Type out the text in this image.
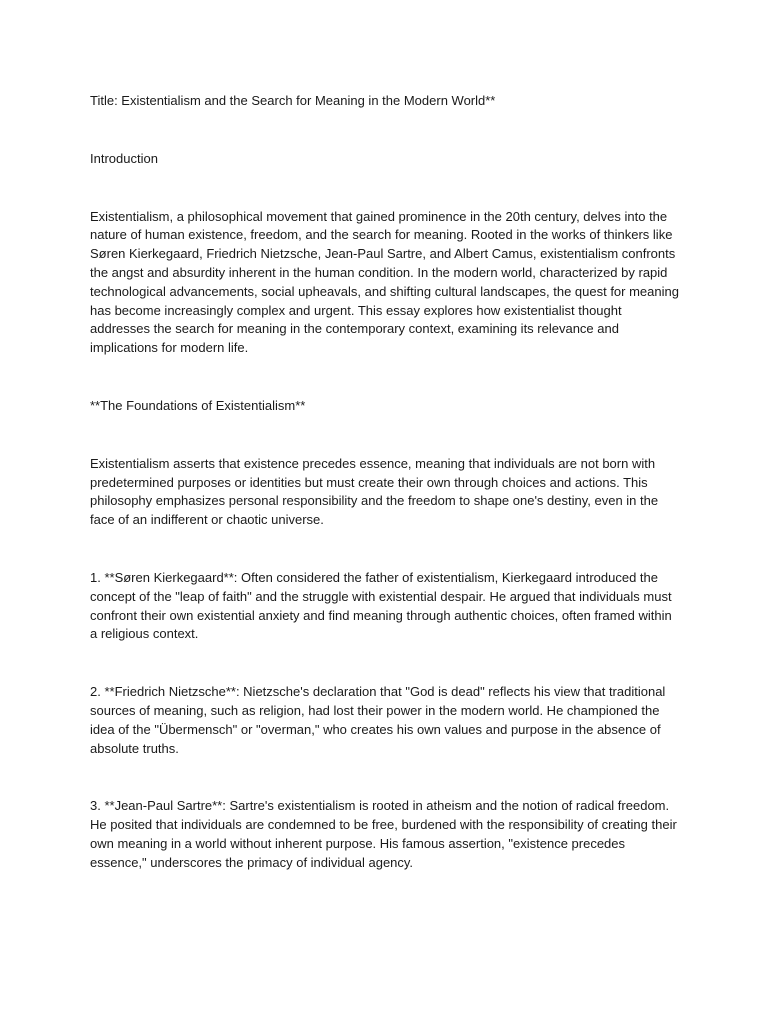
Title: Existentialism and the Search for Meaning in the Modern World**

Introduction

Existentialism, a philosophical movement that gained prominence in the 20th century, delves into the nature of human existence, freedom, and the search for meaning. Rooted in the works of thinkers like Søren Kierkegaard, Friedrich Nietzsche, Jean-Paul Sartre, and Albert Camus, existentialism confronts the angst and absurdity inherent in the human condition. In the modern world, characterized by rapid technological advancements, social upheavals, and shifting cultural landscapes, the quest for meaning has become increasingly complex and urgent. This essay explores how existentialist thought addresses the search for meaning in the contemporary context, examining its relevance and implications for modern life.

**The Foundations of Existentialism**

Existentialism asserts that existence precedes essence, meaning that individuals are not born with predetermined purposes or identities but must create their own through choices and actions. This philosophy emphasizes personal responsibility and the freedom to shape one's destiny, even in the face of an indifferent or chaotic universe.

1. **Søren Kierkegaard**: Often considered the father of existentialism, Kierkegaard introduced the concept of the "leap of faith" and the struggle with existential despair. He argued that individuals must confront their own existential anxiety and find meaning through authentic choices, often framed within a religious context.

2. **Friedrich Nietzsche**: Nietzsche's declaration that "God is dead" reflects his view that traditional sources of meaning, such as religion, had lost their power in the modern world. He championed the idea of the "Übermensch" or "overman," who creates his own values and purpose in the absence of absolute truths.

3. **Jean-Paul Sartre**: Sartre's existentialism is rooted in atheism and the notion of radical freedom. He posited that individuals are condemned to be free, burdened with the responsibility of creating their own meaning in a world without inherent purpose. His famous assertion, "existence precedes essence," underscores the primacy of individual agency.
